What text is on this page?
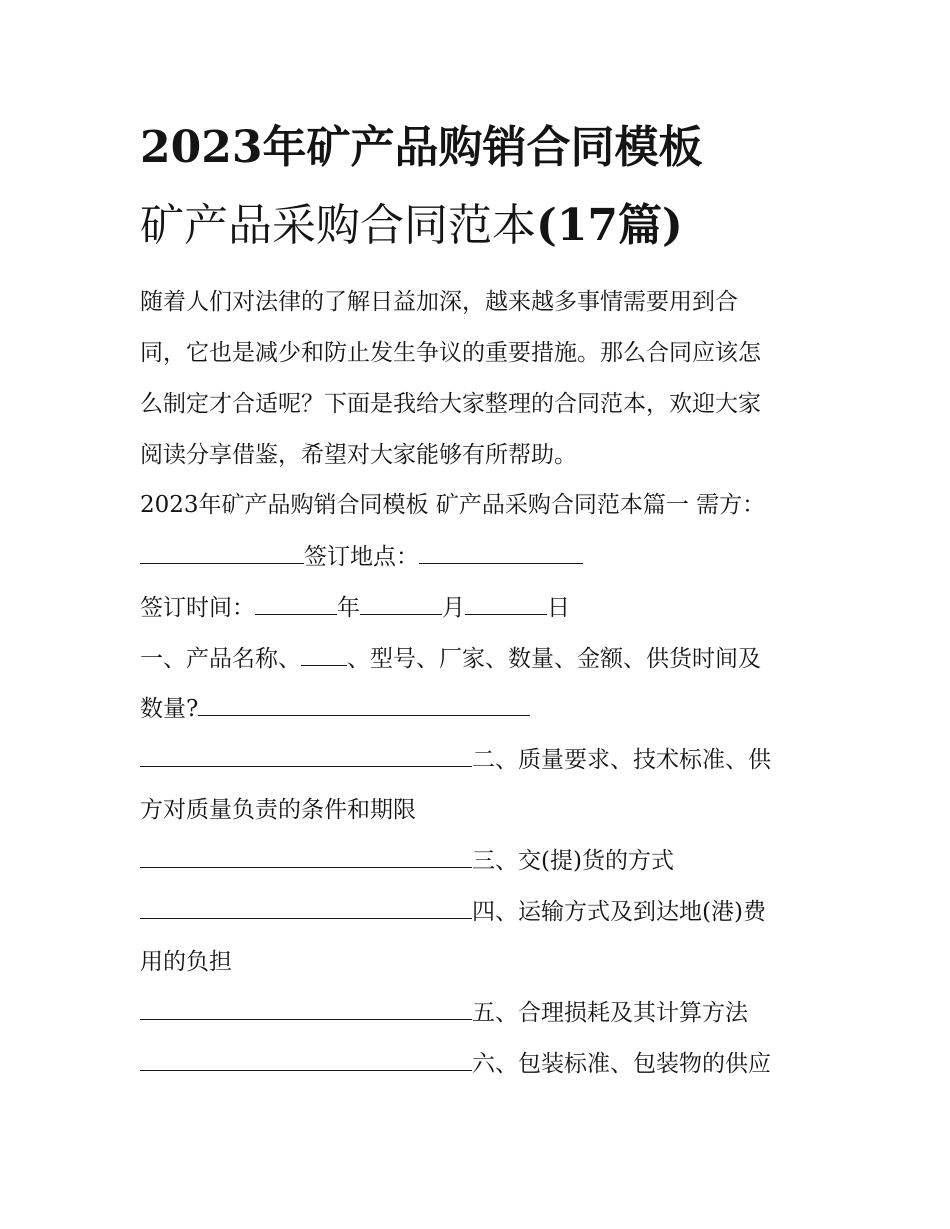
2023年矿产品购销合同模板
矿产品采购合同范本(17篇)
随着人们对法律的了解日益加深，越来越多事情需要用到合
同，它也是减少和防止发生争议的重要措施。那么合同应该怎
么制定才合适呢？下面是我给大家整理的合同范本，欢迎大家
阅读分享借鉴，希望对大家能够有所帮助。
2023年矿产品购销合同模板 矿产品采购合同范本篇一 需方：
签订地点：
签订时间：	年	月	日
一、产品名称、 、型号、厂家、数量、金额、供货时间及
数量?
二、质量要求、技术标准、供
方对质量负责的条件和期限
三、交(提)货的方式
四、运输方式及到达地(港)费
用的负担
五、合理损耗及其计算方法
六、包装标准、包装物的供应
